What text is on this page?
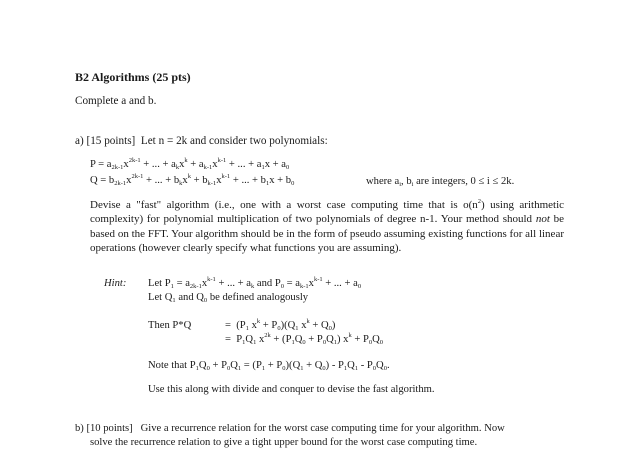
B2 Algorithms (25 pts)
Complete a and b.
a) [15 points] Let n = 2k and consider two polynomials:
$P = a_{2k-1}x^{2k-1}$ + ... + $a_kx^k + a_{k-1}x^{k-1}$ + ... + $a_1x + a_0$
$Q = b_{2k-1}x^{2k-1}$ + ... + $b_kx^k + b_{k-1}x^{k-1}$ + ... + $b_1x + b_0$	where $a_i$, $b_i$ are integers, 0 ≤ i ≤ 2k.
Devise a "fast" algorithm (i.e., one with a worst case computing time that is $o(n^2)$ using arithmetic complexity) for polynomial multiplication of two polynomials of degree n-1. Your method should not be based on the FFT. Your algorithm should be in the form of pseudo assuming existing functions for all linear operations (however clearly specify what functions you are assuming).
Hint: Let $P_1 = a_{2k-1}x^{k-1}$ + ... + $a_k$ and $P_0 = a_{k-1}x^{k-1}$ + ... + $a_0$
Let $Q_1$ and $Q_0$ be defined analogously
Then P*Q	=  ($P_1$ $x^k + P_0)(Q_1$ $x^k + Q_0$)
=  $P_1Q_1$ $x^{2k} + (P_1Q_0 + P_0Q_1) x^k + P_0Q_0$
Note that $P_1Q_0 + P_0Q_1 = (P_1 + P_0)(Q_1 + Q_0) - P_1Q_1 - P_0Q_0$.
Use this along with divide and conquer to devise the fast algorithm.
b) [10 points] Give a recurrence relation for the worst case computing time for your algorithm. Now
solve the recurrence relation to give a tight upper bound for the worst case computing time.
